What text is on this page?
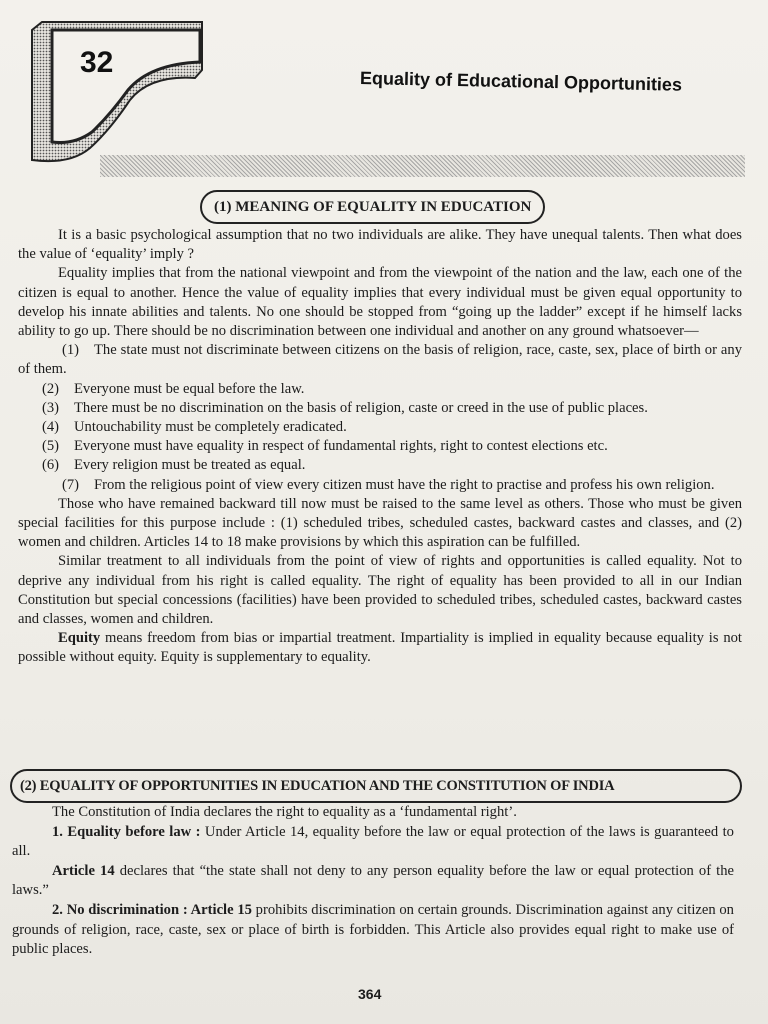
32
Equality of Educational Opportunities
(1) MEANING OF EQUALITY IN EDUCATION

It is a basic psychological assumption that no two individuals are alike. They have unequal talents. Then what does the value of ‘equality’ imply ?

Equality implies that from the national viewpoint and from the viewpoint of the nation and the law, each one of the citizen is equal to another. Hence the value of equality implies that every individual must be given equal opportunity to develop his innate abilities and talents. No one should be stopped from “going up the ladder” except if he himself lacks ability to go up. There should be no discrimination between one individual and another on any ground whatsoever—

(1) The state must not discriminate between citizens on the basis of religion, race, caste, sex, place of birth or any of them.

(2) Everyone must be equal before the law.

(3) There must be no discrimination on the basis of religion, caste or creed in the use of public places.

(4) Untouchability must be completely eradicated.

(5) Everyone must have equality in respect of fundamental rights, right to contest elections etc.

(6) Every religion must be treated as equal.

(7) From the religious point of view every citizen must have the right to practise and profess his own religion.

Those who have remained backward till now must be raised to the same level as others. Those who must be given special facilities for this purpose include : (1) scheduled tribes, scheduled castes, backward castes and classes, and (2) women and children. Articles 14 to 18 make provisions by which this aspiration can be fulfilled.

Similar treatment to all individuals from the point of view of rights and opportunities is called equality. Not to deprive any individual from his right is called equality. The right of equality has been provided to all in our Indian Constitution but special concessions (facilities) have been provided to scheduled tribes, scheduled castes, backward castes and classes, women and children.

Equity means freedom from bias or impartial treatment. Impartiality is implied in equality because equality is not possible without equity. Equity is supplementary to equality.

(2) EQUALITY OF OPPORTUNITIES IN EDUCATION AND THE CONSTITUTION OF INDIA

The Constitution of India declares the right to equality as a ‘fundamental right’.

1. Equality before law : Under Article 14, equality before the law or equal protection of the laws is guaranteed to all.

Article 14 declares that “the state shall not deny to any person equality before the law or equal protection of the laws.”

2. No discrimination : Article 15 prohibits discrimination on certain grounds. Discrimination against any citizen on grounds of religion, race, caste, sex or place of birth is forbidden. This Article also provides equal right to make use of public places.

364
